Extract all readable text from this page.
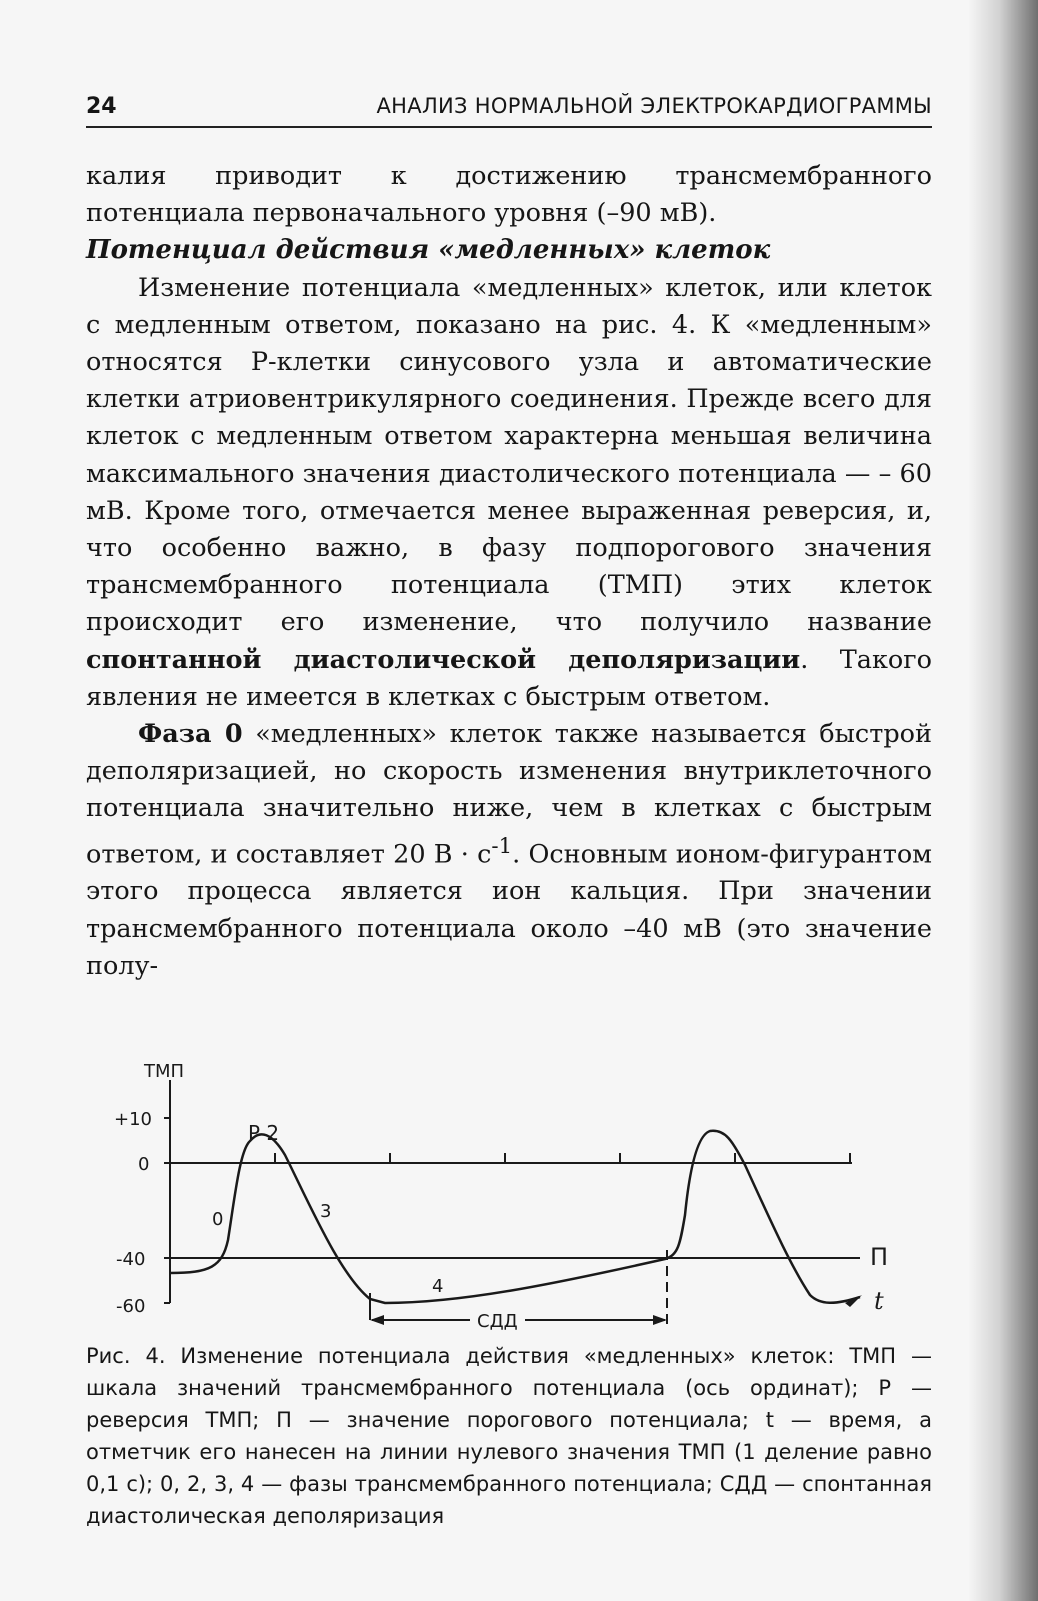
24	АНАЛИЗ НОРМАЛЬНОЙ ЭЛЕКТРОКАРДИОГРАММЫ

калия приводит к достижению трансмембранного потенциала первоначального уровня (–90 мВ).

Потенциал действия «медленных» клеток

Изменение потенциала «медленных» клеток, или клеток с медленным ответом, показано на рис. 4. К «медленным» относятся Р-клетки синусового узла и автоматические клетки атриовентрикулярного соединения. Прежде всего для клеток с медленным ответом характерна меньшая величина максимального значения диастолического потенциала — – 60 мВ. Кроме того, отмечается менее выраженная реверсия, и, что особенно важно, в фазу подпорогового значения трансмембранного потенциала (ТМП) этих клеток происходит его изменение, что получило название спонтанной диастолической деполяризации. Такого явления не имеется в клетках с быстрым ответом.

Фаза 0 «медленных» клеток также называется быстрой деполяризацией, но скорость изменения внутриклеточного потенциала значительно ниже, чем в клетках с быстрым ответом, и составляет 20 $В \cdot с^{-1}$. Основным ионом-фигурантом этого процесса является ион кальция. При значении трансмембранного потенциала около –40 мВ (это значение полу-

ТМП
+10
0
-40
-60
Р 2
0	3
4
П
t
СДД
Рис. 4. Изменение потенциала действия «медленных» клеток: ТМП — шкала значений трансмембранного потенциала (ось ординат); Р — реверсия ТМП; П — значение порогового потенциала; t — время, а отметчик его нанесен на линии нулевого значения ТМП (1 деление равно 0,1 с); 0, 2, 3, 4 — фазы трансмембранного потенциала; СДД — спонтанная диастолическая деполяризация
